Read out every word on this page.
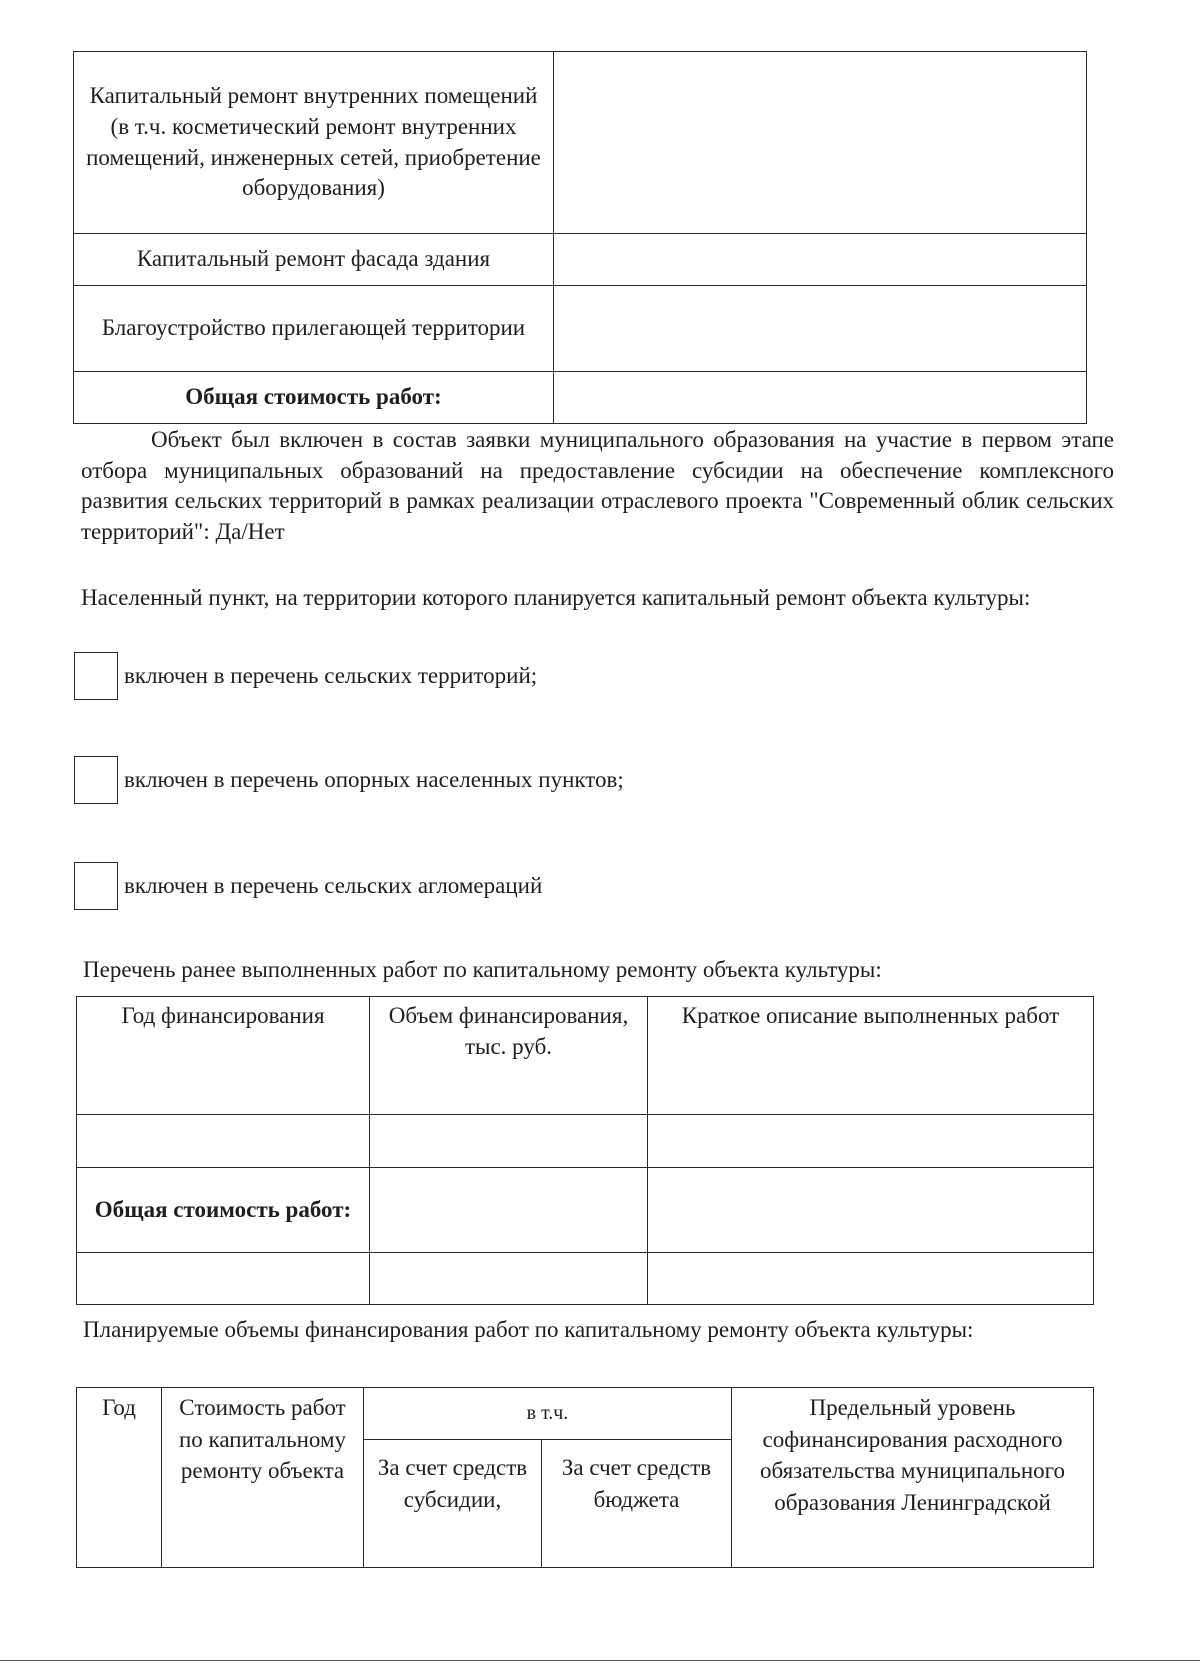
Капитальный ремонт внутренних помещений (в т.ч. косметический ремонт внутренних помещений, инженерных сетей, приобретение оборудования)	
Капитальный ремонт фасада здания	
Благоустройство прилегающей территории	
Общая стоимость работ:	
Объект был включен в состав заявки муниципального образования на участие в первом этапе отбора муниципальных образований на предоставление субсидии на обеспечение комплексного развития сельских территорий в рамках реализации отраслевого проекта "Современный облик сельских территорий": Да/Нет
Населенный пункт, на территории которого планируется капитальный ремонт объекта культуры:
включен в перечень сельских территорий;
включен в перечень опорных населенных пунктов;
включен в перечень сельских агломераций
Перечень ранее выполненных работ по капитальному ремонту объекта культуры:
Год финансирования	Объем финансирования, тыс. руб.	Краткое описание выполненных работ

Общая стоимость работ:		

Планируемые объемы финансирования работ по капитальному ремонту объекта культуры:
Год	Стоимость работ по капитальному ремонту объекта	в т.ч.		Предельный уровень софинансирования расходного обязательства муниципального образования Ленинградской
		За счет средств субсидии,	За счет средств бюджета	
